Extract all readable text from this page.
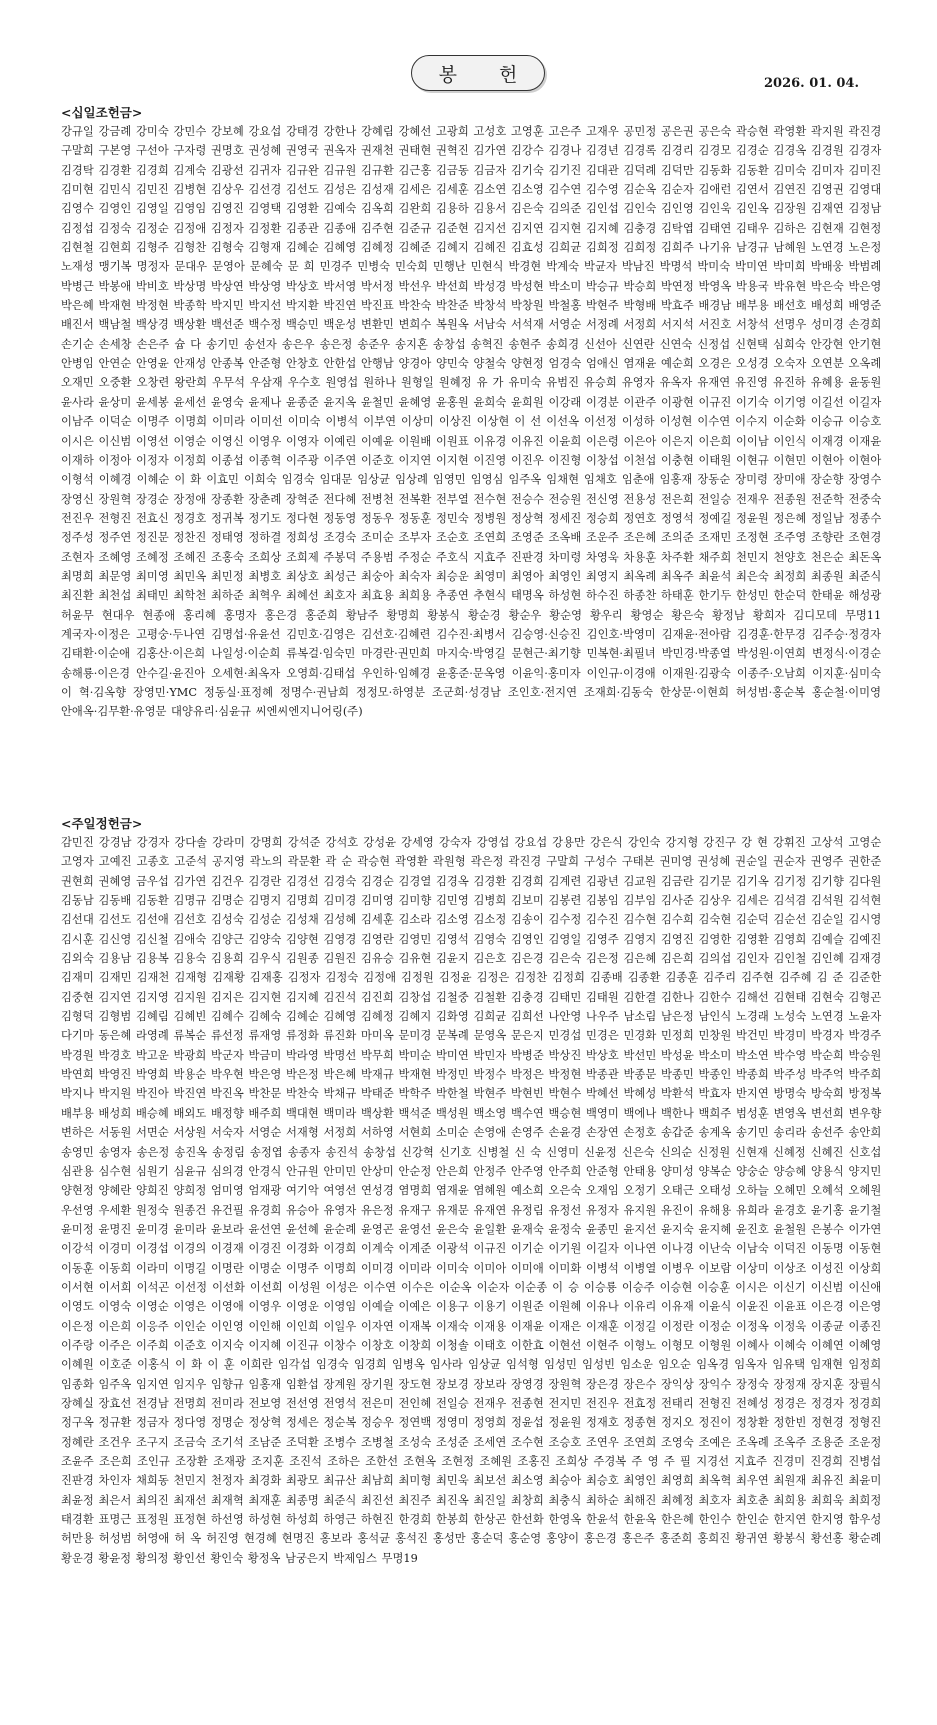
봉 헌	2026. 01. 04.
<십일조헌금>
강규일 강금례 강미숙 강민수 강보혜 강요섭 강태경 강한나 강혜림 강혜선 고광희 고성호 고영훈 고은주 고재우 공민정 공은권 공은숙 곽승현 곽영환 곽지원 곽진경 구말희 구본영 구선아 구자령 권명호 권성혜 권영국 권옥자 권재천 권태현 권혁진 김가연 김강수 김경나 김경년 김경록 김경리 김경모 김경순 김경옥 김경원 김경자 김경탁 김경환 김경희 김계숙 김광선 김귀자 김규완 김규원 김규환 김근홍 김금동 김금자 김기숙 김기진 김대관 김덕례 김덕만 김동화 김동환 김미숙 김미자 김미진 김미현 김민식 김민진 김병현 김상우 김선경 김선도 김성은 김성재 김세은 김세훈 김소연 김소영 김수연 김수영 김순옥 김순자 김애런 김연서 김연진 김영권 김영대 김영수 김영인 김영일 김영임 김영진 김영택 김영환 김예숙 김옥희 김완희 김용하 김용서 김은숙 김의준 김인섭 김인숙 김인영 김인욱 김인옥 김장원 김재연 김정남 김정섭 김정숙 김정순 김정애 김정자 김정환 김종관 김종애 김주현 김준규 김준현 김지선 김지연 김지현 김지혜 김충경 김탁엽 김태연 김태우 김하은 김현재 김현정 김현철 김현희 김형주 김형찬 김형숙 김형재 김혜순 김혜영 김혜정 김혜준 김혜지 김혜진 김효성 김희균 김희정 김희정 김희주 나기유 남경규 남혜원 노연경 노은정 노재성 맹기복 명정자 문대우 문영아 문혜숙 문 희 민경주 민병숙 민숙희 민행난 민현식 박경현 박계숙 박균자 박남진 박명석 박미숙 박미연 박미희 박배웅 박범례 박병근 박봉애 박비호 박상명 박상연 박상영 박상호 박서영 박서정 박선우 박선희 박성경 박성현 박소미 박승규 박승희 박연정 박영옥 박용국 박유현 박은숙 박은영 박은혜 박재현 박정현 박종학 박지민 박지선 박지환 박진연 박진표 박찬숙 박찬준 박창석 박창원 박철홍 박현주 박형배 박효주 배경남 배부용 배선호 배성희 배영준 배진서 백남철 백상경 백상환 백선준 백수정 백승민 백운성 변환민 변희수 복원옥 서남숙 서석재 서영순 서정례 서정희 서지석 서진호 서창석 선명우 성미경 손경희 손기순 손세창 손은주 슘 다 송기민 송선자 송은우 송은정 송준우 송지혼 송창섭 송혁진 송현주 송희경 신선아 신연란 신연숙 신정섭 신현택 심희숙 안강현 안기현 안병임 안연순 안영윤 안재성 안종복 안준형 안창호 안한섭 안행남 양경아 양민숙 양철숙 양현정 엄경숙 엄애신 염재윤 예순희 오경은 오성경 오숙자 오연분 오옥례 오재민 오중환 오창련 왕란희 우무석 우삼재 우수호 원영섭 원하나 원형일 원혜정 유 가 유미숙 유범진 유승희 유영자 유옥자 유재연 유진영 유진하 유혜용 윤동원 윤사라 윤상미 윤세봉 윤세선 윤영숙 윤제나 윤종준 윤지옥 윤철민 윤혜영 윤홍원 윤희숙 윤희원 이강래 이경분 이관주 이광현 이규진 이기숙 이기영 이길선 이길자 이남주 이덕순 이명주 이명희 이미라 이미선 이미숙 이병석 이부연 이상미 이상진 이상현 이 선 이선옥 이선정 이성하 이성현 이수연 이수지 이순화 이승규 이승호 이시은 이신범 이영선 이영순 이영신 이영우 이영자 이예린 이예윤 이원배 이원표 이유경 이유진 이윤희 이은령 이은아 이은지 이은희 이이남 이인식 이재경 이재윤 이재하 이정아 이정자 이정희 이종섭 이종혁 이주광 이주연 이준호 이지연 이지현 이진영 이진우 이진형 이창섭 이천섭 이충현 이태원 이현규 이현민 이현아 이현아 이형석 이혜경 이혜순 이 화 이효민 이희숙 임경숙 임대문 임상균 임상례 임영민 임영심 임주옥 임채현 임채호 임춘애 임홍재 장동순 장미령 장미애 장순향 장영수 장영신 장원혁 장경순 장정애 장종환 장춘례 장혁준 전다혜 전병천 전복환 전부열 전수현 전승수 전승원 전신영 전용성 전은희 전일승 전재우 전종원 전준학 전중숙 전진우 전형진 전효신 정경호 정귀복 정기도 정다현 정동영 정동우 정동훈 정민숙 정병원 정상혁 정세진 정승희 정연호 정영석 정예길 정윤원 정은혜 정일남 정종수 정주성 정주연 정진문 정찬진 정태영 정하결 정희성 조경숙 조미순 조부자 조순호 조연희 조영준 조옥배 조운주 조은혜 조의준 조재민 조정현 조주영 조향란 조현경 조현자 조혜영 조혜정 조혜진 조홍숙 조희상 조희제 주봉덕 주용범 주정순 주호식 지효주 진판경 차미령 차영욱 차용훈 차주환 채주희 천민지 천양호 천은순 최돈옥 최명희 최문영 최미영 최민옥 최민정 최병호 최상호 최성근 최숭아 최숙자 최승운 최영미 최영아 최영인 최영지 최옥례 최옥주 최윤석 최은숙 최정희 최종원 최준식 최진환 최천섭 최태민 최학천 최하준 최혁우 최혜선 최호자 최효용 최희용 추종연 추현식 태명옥 하성현 하수진 하종찬 하태훈 한기두 한성민 한순덕 한태윤 해성광 허윤무 현대우 현종애 홍리혜 홍명자 홍은경 홍준희 황남주 황명희 황봉식 황순경 황순우 황순영 황우리 황영순 황은숙 황정남 황희자 김디모데 무명11 계국자·이정은 고평숭·두나연 김명섭·유윤선 김민호·김영은 김선호·김혜련 김수진·최병서 김승영·신승진 김인호·박영미 김재윤·전아람 김경훈·한무경 김주승·정경자 김태환·이순애 김홍산·이은희 나일성·이순희 류복걸·임숙민 마경란·권민희 마지숙·박영길 문현근·최기향 민복현·최필녀 박민경·박종열 박성원·이연희 변정식·이경순 송해룡·이은경 안수길·윤진아 오세현·최옥자 오영희·김태섭 우인하·임혜경 윤홍준·문옥영 이윤익·홍미자 이인규·이경애 이재원·김광숙 이종주·오남희 이지훈·심미숙 이 혁·김옥향 장영민·YMC 정동실·표정혜 정명수·권남희 정정모·하영분 조군희·성경남 조인호·전지연 조재희·김동숙 한상문·이현희 허성범·홍순복 홍순철·이미영 안애옥·김무환·유영문 대양유리·심윤규 씨엔씨엔지니어링(주)
<주일정헌금>
감민진 강경남 강경자 강다솔 강라미 강명희 강석준 강석호 강성윤 강세영 강숙자 강영섭 강요섭 강용만 강은식 강인숙 강지형 강진구 강 현 강휘진 고상석 고영순 고영자 고예진 고종호 고준석 공지영 곽노의 곽문환 곽 순 곽승현 곽영환 곽원형 곽은정 곽진경 구말희 구성수 구태본 권미영 권성혜 권순일 권순자 권영주 권한준 권현희 권혜영 금우섭 김가연 김건우 김경란 김경선 김경숙 김경순 김경열 김경옥 김경환 김경희 김계련 김광년 김교원 김금란 김기문 김기옥 김기정 김기향 김다원 김동남 김동배 김동환 김명규 김명순 김명지 김명희 김미경 김미영 김미향 김민영 김병희 김보미 김봉련 김봉임 김부임 김사준 김상우 김세은 김석겸 김석원 김석현 김선대 김선도 김선애 김선호 김성숙 김성순 김성채 김성혜 김세훈 김소라 김소영 김소정 김송이 김수정 김수진 김수현 김수희 김숙현 김순덕 김순선 김순일 김시영 김시훈 김신영 김신철 김애숙 김양근 김양숙 김양현 김영경 김영란 김영민 김영석 김영숙 김영인 김영일 김영주 김영지 김영진 김영한 김영환 김영희 김예슬 김예진 김외숙 김용남 김용복 김용숙 김용희 김우식 김원종 김원진 김유승 김유현 김윤지 김은호 김은경 김은숙 김은정 김은혜 김은희 김의섭 김인자 김인철 김인혜 김재경 김재미 김재민 김재천 김재형 김재황 김재홍 김정자 김정숙 김정애 김정원 김정윤 김정은 김정찬 김정희 김종배 김종환 김종훈 김주리 김주현 김주혜 김 준 김준한 김중현 김지연 김지영 김지원 김지은 김지현 김지혜 김진석 김진희 김창섭 김철중 김철환 김충경 김태민 김태원 김한결 김한나 김한수 김해선 김현태 김현숙 김형곤 김형덕 김형범 김혜림 김혜빈 김혜수 김혜숙 김혜순 김혜영 김혜정 김혜지 김화영 김희균 김희선 나안영 나우주 남소림 남은정 남인식 노경래 노성숙 노연경 노윤자 다기마 동은혜 라영례 류복순 류선정 류재영 류정화 류진화 마미옥 문미경 문복례 문영옥 문은지 민경섭 민경은 민경화 민정희 민창원 박건민 박경미 박경자 박경주 박경원 박경호 박고운 박광희 박군자 박금미 박라영 박명선 박무희 박미순 박미연 박민자 박병준 박상진 박상호 박선민 박성윤 박소미 박소연 박수영 박순희 박승원 박연희 박영진 박영희 박용순 박우현 박은영 박은정 박은혜 박재규 박재현 박정민 박정수 박정은 박정현 박종관 박종문 박종민 박종인 박종희 박주성 박주억 박주희 박지나 박지원 박진아 박진연 박진옥 박찬문 박찬숙 박채규 박태준 박학주 박한철 박현주 박현빈 박현수 박혜선 박혜성 박환석 박효자 반지연 방명숙 방숙희 방정복 배부용 배성희 배승혜 배외도 배정향 배주희 백대현 백미라 백상환 백석준 백성원 백소영 백수연 백승현 백영미 백에나 백한나 백희주 범성훈 변영옥 변선희 변우향 변하은 서동원 서면순 서상원 서숙자 서영순 서재형 서정희 서하영 서현희 소미순 손영애 손영주 손윤경 손장연 손정호 송갑준 송계옥 송기민 송리라 송선주 송안희 송영민 송영자 송은정 송진옥 송정림 송정엽 송종자 송진석 송창섭 신강혁 신기호 신병철 신 숙 신영미 신윤정 신은숙 신의순 신정원 신현재 신혜정 신혜진 신호섭 심관용 심수현 심원기 심윤규 심의경 안경식 안규원 안미민 안상미 안순정 안은희 안정주 안주영 안주희 안준형 안태용 양미성 양복순 양숭순 양승혜 양용식 양지민 양현정 양혜란 양희진 양희정 엄미영 엄재광 여기악 여영선 연성경 염명희 염재윤 염혜원 예소희 오은숙 오재임 오정기 오태근 오태성 오하늘 오혜민 오혜석 오혜원 우선영 우세환 원정숙 원종건 유건필 유경희 유승아 유영자 유은정 유재구 유재문 유재연 유정림 유정선 유정자 유지원 유진이 유해용 유희라 윤경호 윤기홍 윤기철 윤미정 윤명진 윤미경 윤미라 윤보라 윤선연 윤선혜 윤순례 윤영곤 윤영선 윤은숙 윤일환 윤재숙 윤정숙 윤종민 윤지선 윤지숙 윤지혜 윤진호 윤철원 은봉수 이가연 이강석 이경미 이경섭 이경의 이경재 이경진 이경화 이경희 이계숙 이계준 이광석 이규진 이기순 이기원 이길자 이나연 이나경 이난숙 이남숙 이덕진 이동명 이동현 이동훈 이동희 이라미 이명길 이명란 이명순 이명주 이명희 이미경 이미라 이미숙 이미아 이미애 이미화 이병석 이병열 이병우 이보람 이상미 이상조 이성진 이상희 이서현 이서희 이석곤 이선정 이선화 이선희 이성원 이성은 이수연 이수은 이순옥 이순자 이순종 이 승 이승룡 이승주 이승현 이승훈 이시은 이신기 이신범 이신애 이영도 이영숙 이영순 이영은 이영애 이영우 이영운 이영임 이예슬 이예은 이용구 이용기 이원준 이원혜 이유나 이유리 이유재 이윤식 이윤진 이윤표 이은경 이은영 이은정 이은희 이응주 이인순 이인영 이인해 이인희 이일우 이자연 이재복 이재숙 이재용 이재윤 이재은 이재훈 이정길 이정란 이정순 이정옥 이정욱 이종균 이종진 이주랑 이주은 이주희 이준호 이지숙 이지혜 이진규 이창수 이창호 이창희 이청솔 이태호 이한효 이현선 이현주 이형노 이형모 이형원 이혜사 이혜숙 이혜연 이혜영 이혜원 이호준 이홍식 이 화 이 훈 이희란 임각섭 임경숙 임경희 임병옥 임사라 임상균 임석형 임성민 임성빈 임소운 임오순 임옥경 임옥자 임유택 임재현 임정희 임종화 임주옥 임지연 임지우 임향규 임홍재 임환섭 장계원 장기원 장도현 장보경 장보라 장영경 장원혁 장은경 장은수 장익상 장익수 장정숙 장정재 장지훈 장필식 장혜실 장효선 전경남 전명희 전미라 전보영 전선영 전영석 전은미 전인혜 전일승 전재우 전종현 전지민 전진우 전효정 전태리 전형진 전혜성 정경은 정경자 정경희 정구옥 정규환 정금자 정다영 정명순 정상혁 정세은 정순복 정승우 정연백 정영미 정영희 정윤섭 정윤원 정재호 정종현 정지오 정진이 정창환 정한빈 정현경 정형진 정혜란 조건우 조구지 조금숙 조기석 조남준 조덕환 조병수 조병철 조성숙 조성준 조세연 조수현 조승호 조연우 조연희 조영숙 조예은 조옥례 조옥주 조용준 조운정 조윤주 조은희 조인규 조장환 조재광 조지훈 조진석 조하은 조한선 조현옥 조현정 조혜원 조홍진 조희상 주경복 주 영 주 필 지경선 지효주 진경미 진경희 진병섭 진판경 차인자 채희동 천민지 천정자 최경화 최광모 최규산 최남희 최미형 최민욱 최보선 최소영 최승아 최승호 최영인 최영희 최옥혁 최우연 최원재 최유진 최윤미 최윤정 최은서 최의진 최재선 최재혁 최재훈 최종명 최준식 최진선 최진주 최진옥 최진일 최창희 최충식 최하순 최해진 최혜정 최호자 최호춘 최희용 최희욱 최희정 태경환 표명근 표정원 표정현 하선영 하성현 하성희 하영근 하현진 한경희 한봉희 한상곤 한선화 한영옥 한윤석 한윤옥 한은혜 한인수 한인순 한지연 한지영 함우성 허만용 허성범 허영애 허 옥 허진영 현경혜 현명진 홍보라 홍석균 홍석진 홍성만 홍순덕 홍순영 홍양이 홍은경 홍은주 홍준희 홍희진 황귀연 황봉식 황선홍 황순례 황운경 황윤정 황의정 황인선 황인숙 황정옥 남궁은지 박제임스 무명19
